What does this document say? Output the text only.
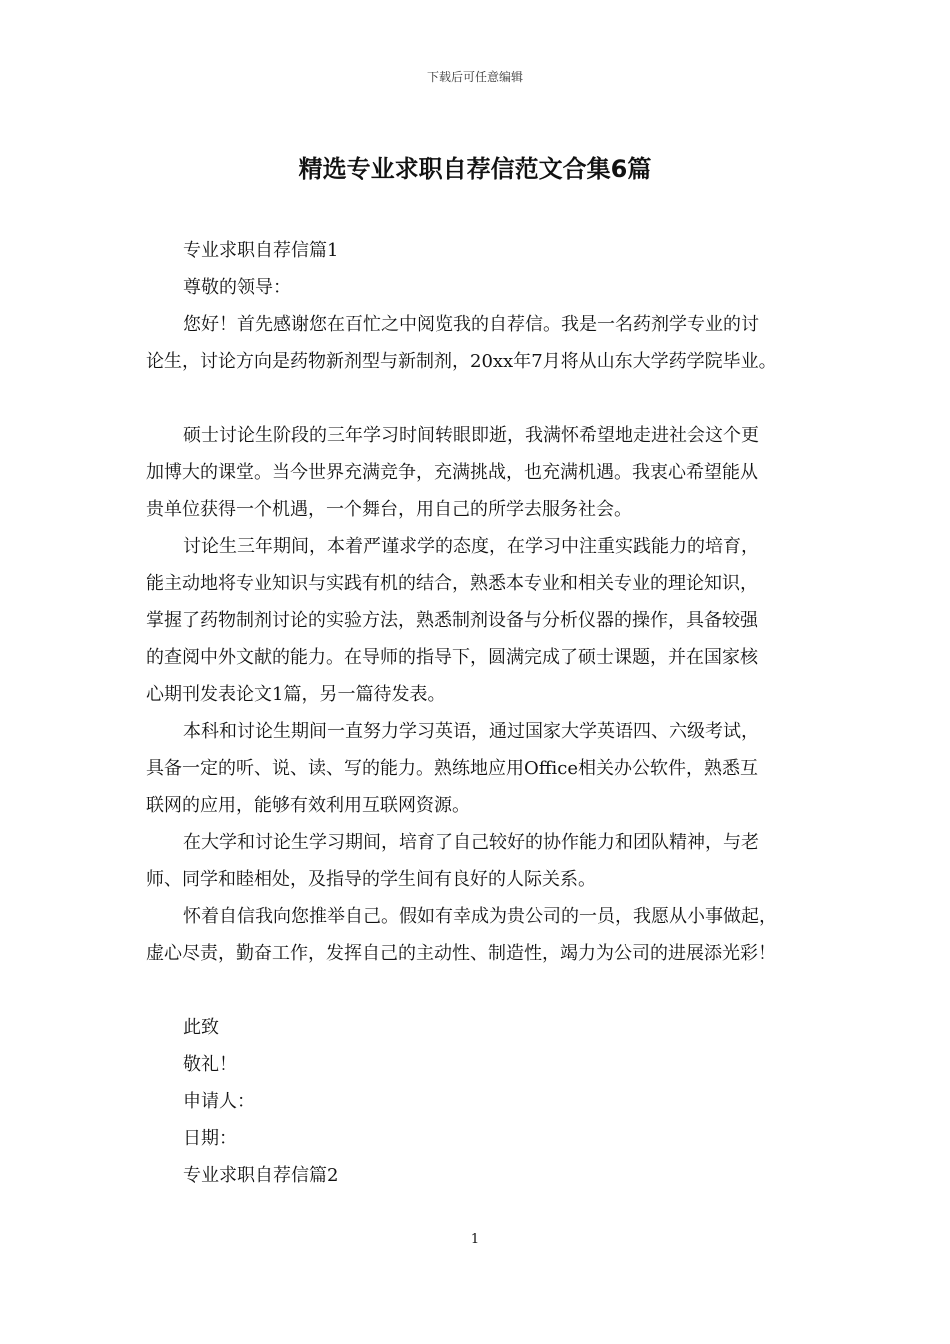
下载后可任意编辑
精选专业求职自荐信范文合集6篇
专业求职自荐信篇1
尊敬的领导：
您好！首先感谢您在百忙之中阅览我的自荐信。我是一名药剂学专业的讨
论生，讨论方向是药物新剂型与新制剂，20xx年7月将从山东大学药学院毕业。
硕士讨论生阶段的三年学习时间转眼即逝，我满怀希望地走进社会这个更
加博大的课堂。当今世界充满竞争，充满挑战，也充满机遇。我衷心希望能从
贵单位获得一个机遇，一个舞台，用自己的所学去服务社会。
讨论生三年期间，本着严谨求学的态度，在学习中注重实践能力的培育，
能主动地将专业知识与实践有机的结合，熟悉本专业和相关专业的理论知识，
掌握了药物制剂讨论的实验方法，熟悉制剂设备与分析仪器的操作，具备较强
的查阅中外文献的能力。在导师的指导下，圆满完成了硕士课题，并在国家核
心期刊发表论文1篇，另一篇待发表。
本科和讨论生期间一直努力学习英语，通过国家大学英语四、六级考试，
具备一定的听、说、读、写的能力。熟练地应用Office相关办公软件，熟悉互
联网的应用，能够有效利用互联网资源。
在大学和讨论生学习期间，培育了自己较好的协作能力和团队精神，与老
师、同学和睦相处，及指导的学生间有良好的人际关系。
怀着自信我向您推举自己。假如有幸成为贵公司的一员，我愿从小事做起，
虚心尽责，勤奋工作，发挥自己的主动性、制造性，竭力为公司的进展添光彩！
此致
敬礼！
申请人：
日期：
专业求职自荐信篇2
1
